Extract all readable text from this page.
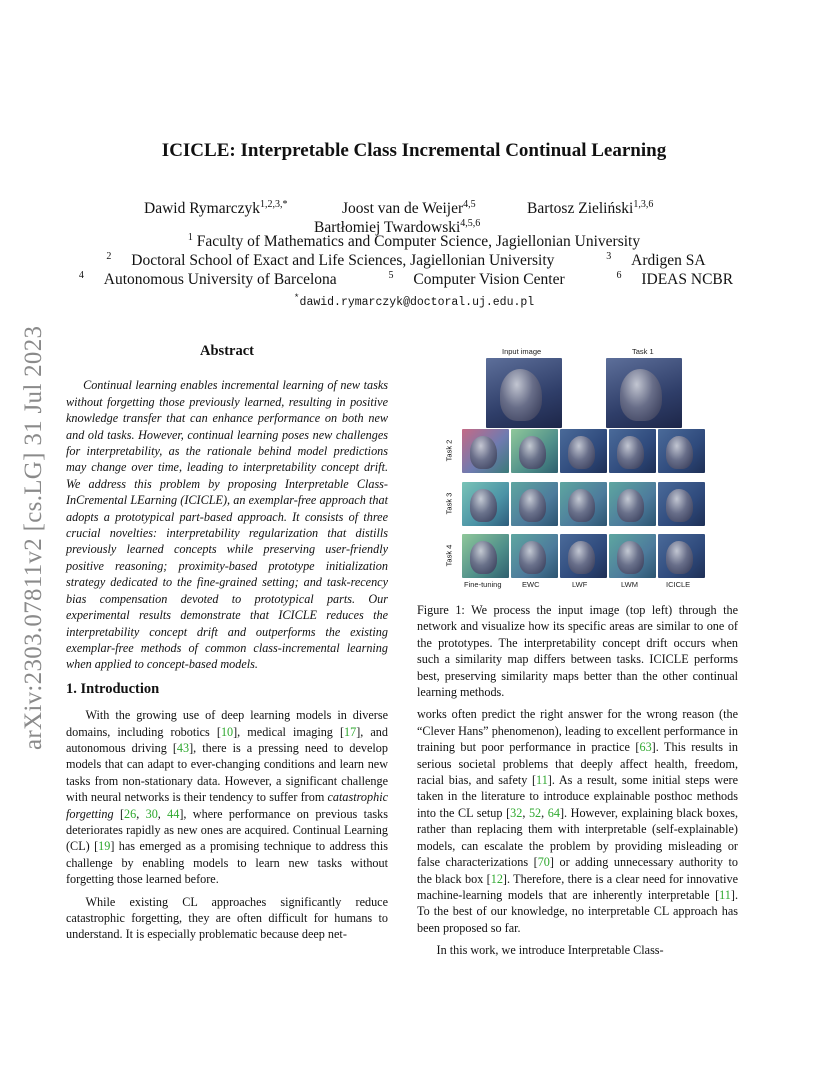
arXiv:2303.07811v2 [cs.LG] 31 Jul 2023
ICICLE: Interpretable Class Incremental Continual Learning
Dawid Rymarczyk$^{1,2,3,*}$	Joost van de Weijer$^{4,5}$	Bartosz Zieliński$^{1,3,6}$
Bartłomiej Twardowski$^{4,5,6}$
$^1$ Faculty of Mathematics and Computer Science, Jagiellonian University
$^2$ Doctoral School of Exact and Life Sciences, Jagiellonian University	$^3$ Ardigen SA
$^4$ Autonomous University of Barcelona	$^5$ Computer Vision Center	$^6$ IDEAS NCBR
*dawid.rymarczyk@doctoral.uj.edu.pl
Abstract

Continual learning enables incremental learning of new tasks without forgetting those previously learned, resulting in positive knowledge transfer that can enhance performance on both new and old tasks. However, continual learning poses new challenges for interpretability, as the rationale behind model predictions may change over time, leading to interpretability concept drift. We address this problem by proposing Interpretable Class-InCremental LEarning (ICICLE), an exemplar-free approach that adopts a prototypical part-based approach. It consists of three crucial novelties: interpretability regularization that distills previously learned concepts while preserving user-friendly positive reasoning; proximity-based prototype initialization strategy dedicated to the fine-grained setting; and task-recency bias compensation devoted to prototypical parts. Our experimental results demonstrate that ICICLE reduces the interpretability concept drift and outperforms the existing exemplar-free methods of common class-incremental learning when applied to concept-based models.

1. Introduction

With the growing use of deep learning models in diverse domains, including robotics [10], medical imaging [17], and autonomous driving [43], there is a pressing need to develop models that can adapt to ever-changing conditions and learn new tasks from non-stationary data. However, a significant challenge with neural networks is their tendency to suffer from catastrophic forgetting [26, 30, 44], where performance on previous tasks deteriorates rapidly as new ones are acquired. Continual Learning (CL) [19] has emerged as a promising technique to address this challenge by enabling models to learn new tasks without forgetting those learned before.

While existing CL approaches significantly reduce catastrophic forgetting, they are often difficult for humans to understand. It is especially problematic because deep net-

Input image	Task 1
Task 2
Task 3
Task 4
Fine-tuning	EWC	LWF	LWM	ICICLE

Figure 1: We process the input image (top left) through the network and visualize how its specific areas are similar to one of the prototypes. The interpretability concept drift occurs when such a similarity map differs between tasks. ICICLE performs best, preserving similarity maps better than the other continual learning methods.

works often predict the right answer for the wrong reason (the “Clever Hans” phenomenon), leading to excellent performance in training but poor performance in practice [63]. This results in serious societal problems that deeply affect health, freedom, racial bias, and safety [11]. As a result, some initial steps were taken in the literature to introduce explainable posthoc methods into the CL setup [32, 52, 64]. However, explaining black boxes, rather than replacing them with interpretable (self-explainable) models, can escalate the problem by providing misleading or false characterizations [70] or adding unnecessary authority to the black box [12]. Therefore, there is a clear need for innovative machine-learning models that are inherently interpretable [11]. To the best of our knowledge, no interpretable CL approach has been proposed so far.

In this work, we introduce Interpretable Class-
